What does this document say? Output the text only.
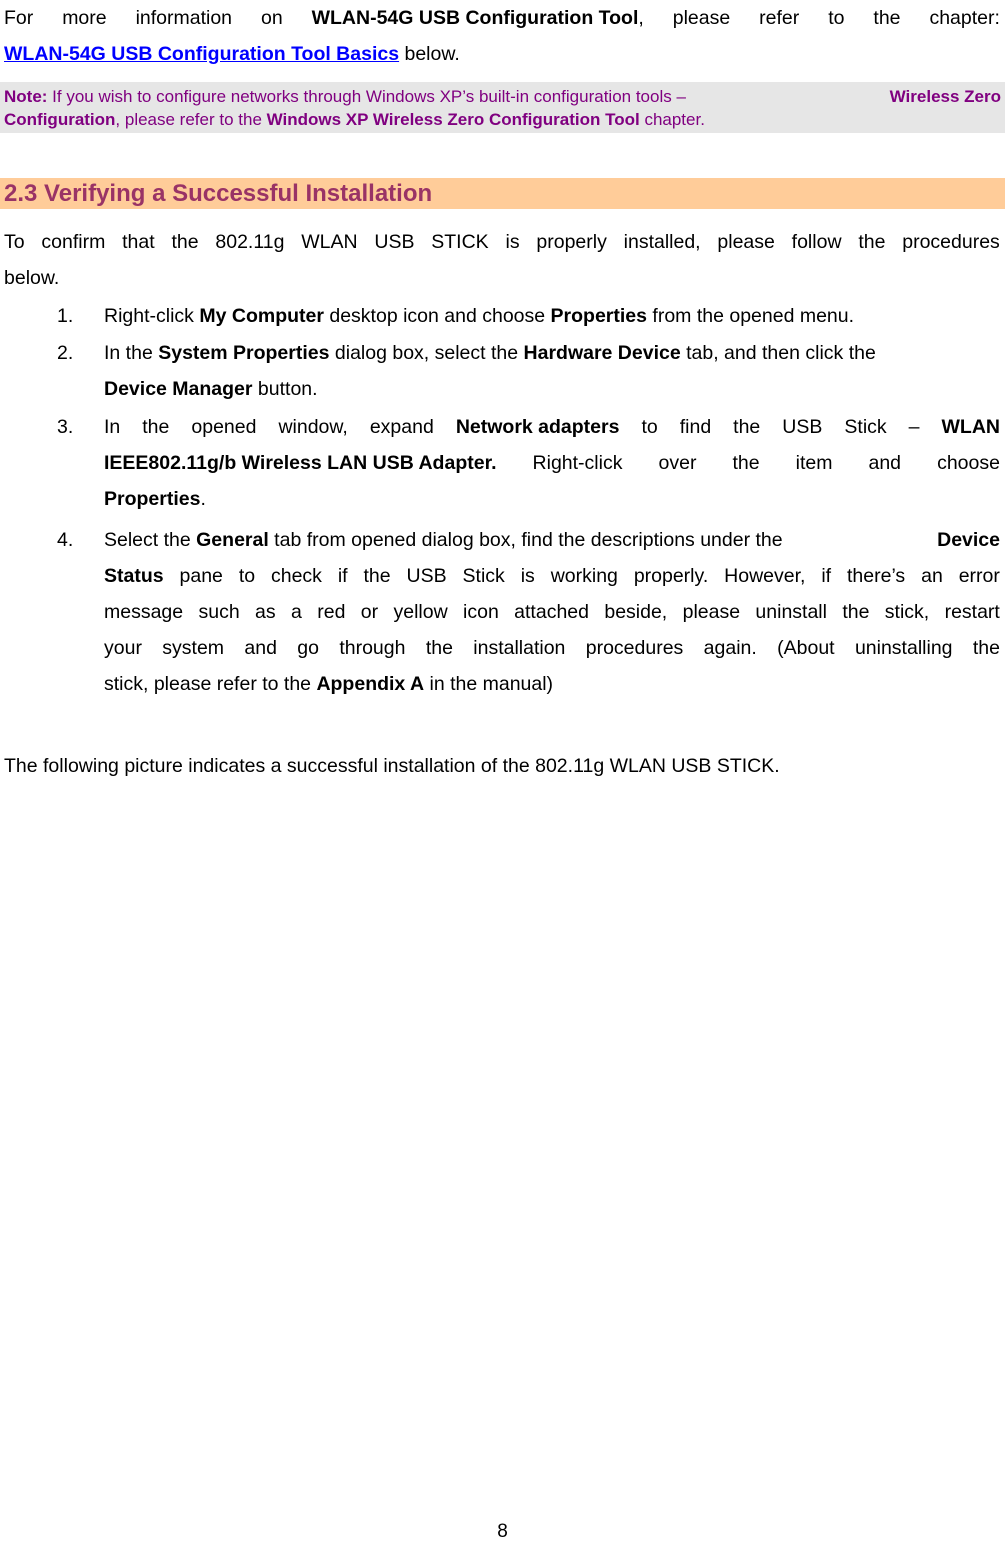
For more information on WLAN-54G USB Configuration Tool, please refer to the chapter:
WLAN-54G USB Configuration Tool Basics below.
Note: If you wish to configure networks through Windows XP’s built-in configuration tools –	Wireless Zero
Configuration, please refer to the Windows XP Wireless Zero Configuration Tool chapter.
2.3 Verifying a Successful Installation
To confirm that the 802.11g WLAN USB STICK is properly installed, please follow the procedures
below.
1.	Right-click My Computer desktop icon and choose Properties from the opened menu.
2.	In the System Properties dialog box, select the Hardware Device tab, and then click the
Device Manager button.
3.	In the opened window, expand Network adapters to find the USB Stick – WLAN
IEEE802.11g/b Wireless LAN USB Adapter. Right-click over the item and choose
Properties.
4.	Select the General tab from opened dialog box, find the descriptions under the	Device
Status pane to check if the USB Stick is working properly. However, if there’s an error
message such as a red or yellow icon attached beside, please uninstall the stick, restart
your system and go through the installation procedures again. (About uninstalling the
stick, please refer to the Appendix A in the manual)
The following picture indicates a successful installation of the 802.11g WLAN USB STICK.
8
